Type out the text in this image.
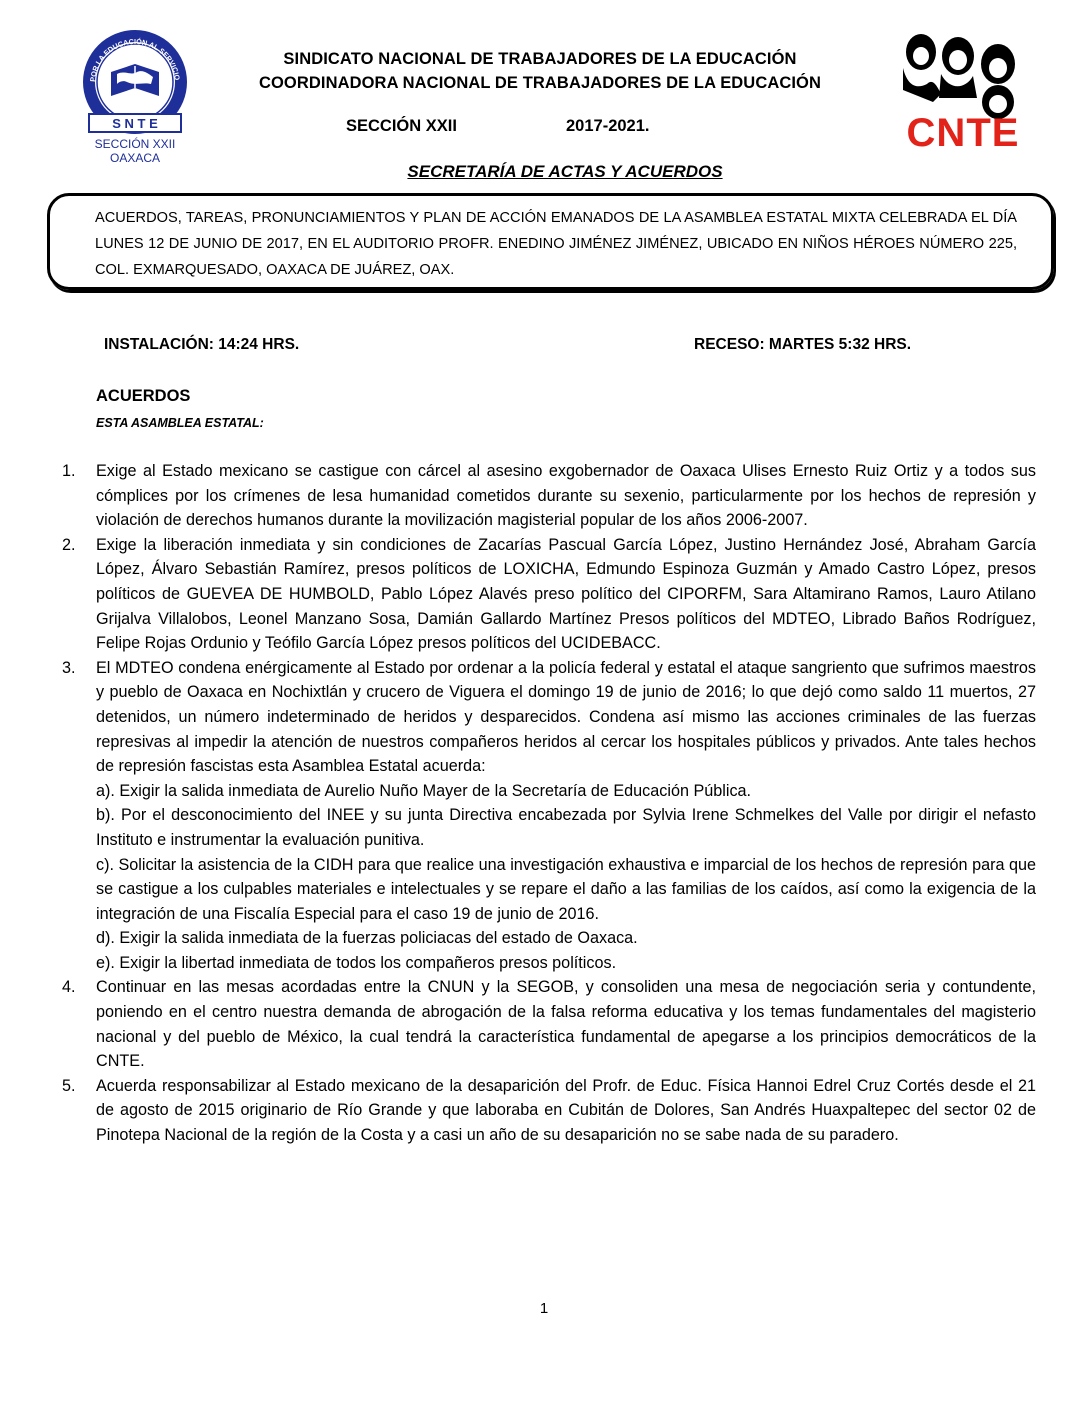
POR LA EDUCACIÓN AL SERVICIO
S N T E
SECCIÓN XXII
OAXACA
CNTE
SINDICATO NACIONAL DE TRABAJADORES DE LA EDUCACIÓN
COORDINADORA NACIONAL DE TRABAJADORES DE LA EDUCACIÓN
SECCIÓN XXII	2017-2021.
SECRETARÍA DE ACTAS Y ACUERDOS
ACUERDOS, TAREAS, PRONUNCIAMIENTOS Y PLAN DE ACCIÓN EMANADOS DE LA ASAMBLEA ESTATAL MIXTA CELEBRADA EL DÍA LUNES 12 DE JUNIO DE 2017, EN EL AUDITORIO PROFR. ENEDINO JIMÉNEZ JIMÉNEZ, UBICADO EN NIÑOS HÉROES NÚMERO 225, COL. EXMARQUESADO, OAXACA DE JUÁREZ, OAX.
INSTALACIÓN: 14:24 HRS.	RECESO: MARTES 5:32 HRS.
ACUERDOS
ESTA ASAMBLEA ESTATAL:
1. Exige al Estado mexicano se castigue con cárcel al asesino exgobernador de Oaxaca Ulises Ernesto Ruiz Ortiz y a todos sus cómplices por los crímenes de lesa humanidad cometidos durante su sexenio, particularmente por los hechos de represión y violación de derechos humanos durante la movilización magisterial popular de los años 2006-2007.
2. Exige la liberación inmediata y sin condiciones de Zacarías Pascual García López, Justino Hernández José, Abraham García López, Álvaro Sebastián Ramírez, presos políticos de LOXICHA, Edmundo Espinoza Guzmán y Amado Castro López, presos políticos de GUEVEA DE HUMBOLD, Pablo López Alavés preso político del CIPORFM, Sara Altamirano Ramos, Lauro Atilano Grijalva Villalobos, Leonel Manzano Sosa, Damián Gallardo Martínez Presos políticos del MDTEO, Librado Baños Rodríguez, Felipe Rojas Ordunio y Teófilo García López presos políticos del UCIDEBACC.
3. El MDTEO condena enérgicamente al Estado por ordenar a la policía federal y estatal el ataque sangriento que sufrimos maestros y pueblo de Oaxaca en Nochixtlán y crucero de Viguera el domingo 19 de junio de 2016; lo que dejó como saldo 11 muertos, 27 detenidos, un número indeterminado de heridos y desparecidos. Condena así mismo las acciones criminales de las fuerzas represivas al impedir la atención de nuestros compañeros heridos al cercar los hospitales públicos y privados. Ante tales hechos de represión fascistas esta Asamblea Estatal acuerda:
a). Exigir la salida inmediata de Aurelio Nuño Mayer de la Secretaría de Educación Pública.
b). Por el desconocimiento del INEE y su junta Directiva encabezada por Sylvia Irene Schmelkes del Valle por dirigir el nefasto Instituto e instrumentar la evaluación punitiva.
c). Solicitar la asistencia de la CIDH para que realice una investigación exhaustiva e imparcial de los hechos de represión para que se castigue a los culpables materiales e intelectuales y se repare el daño a las familias de los caídos, así como la exigencia de la integración de una Fiscalía Especial para el caso 19 de junio de 2016.
d). Exigir la salida inmediata de la fuerzas policiacas del estado de Oaxaca.
e). Exigir la libertad inmediata de todos los compañeros presos políticos.
4. Continuar en las mesas acordadas entre la CNUN y la SEGOB, y consoliden una mesa de negociación seria y contundente, poniendo en el centro nuestra demanda de abrogación de la falsa reforma educativa y los temas fundamentales del magisterio nacional y del pueblo de México, la cual tendrá la característica fundamental de apegarse a los principios democráticos de la CNTE.
5. Acuerda responsabilizar al Estado mexicano de la desaparición del Profr. de Educ. Física Hannoi Edrel Cruz Cortés desde el 21 de agosto de 2015 originario de Río Grande y que laboraba en Cubitán de Dolores, San Andrés Huaxpaltepec del sector 02 de Pinotepa Nacional de la región de la Costa y a casi un año de su desaparición no se sabe nada de su paradero.
1
